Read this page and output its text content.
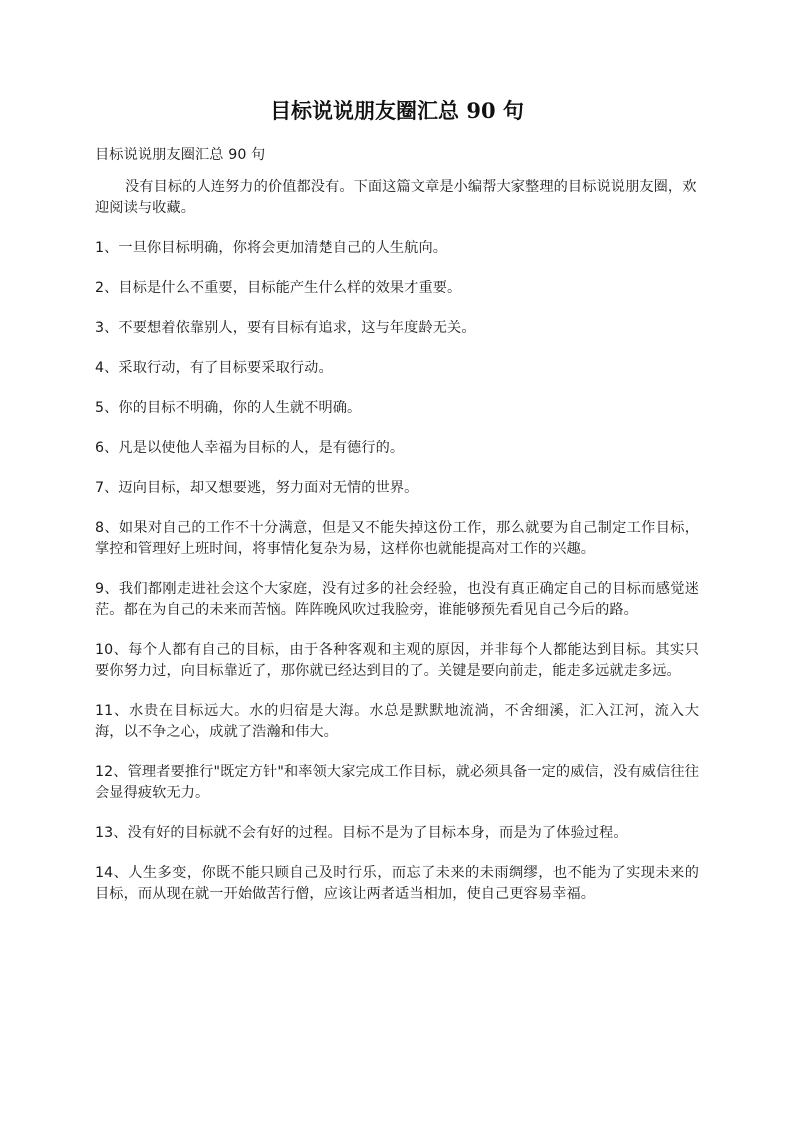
目标说说朋友圈汇总 90 句

目标说说朋友圈汇总 90 句

没有目标的人连努力的价值都没有。下面这篇文章是小编帮大家整理的目标说说朋友圈，欢迎阅读与收藏。

1、一旦你目标明确，你将会更加清楚自己的人生航向。

2、目标是什么不重要，目标能产生什么样的效果才重要。

3、不要想着依靠别人，要有目标有追求，这与年度龄无关。

4、采取行动，有了目标要采取行动。

5、你的目标不明确，你的人生就不明确。

6、凡是以使他人幸福为目标的人，是有德行的。

7、迈向目标，却又想要逃，努力面对无情的世界。

8、如果对自己的工作不十分满意，但是又不能失掉这份工作，那么就要为自己制定工作目标，掌控和管理好上班时间，将事情化复杂为易，这样你也就能提高对工作的兴趣。

9、我们都刚走进社会这个大家庭，没有过多的社会经验，也没有真正确定自己的目标而感觉迷茫。都在为自己的未来而苦恼。阵阵晚风吹过我脸旁，谁能够预先看见自己今后的路。

10、每个人都有自己的目标，由于各种客观和主观的原因，并非每个人都能达到目标。其实只要你努力过，向目标靠近了，那你就已经达到目的了。关键是要向前走，能走多远就走多远。

11、水贵在目标远大。水的归宿是大海。水总是默默地流淌，不舍细溪，汇入江河，流入大海，以不争之心，成就了浩瀚和伟大。

12、管理者要推行"既定方针"和率领大家完成工作目标，就必须具备一定的威信，没有威信往往会显得疲软无力。

13、没有好的目标就不会有好的过程。目标不是为了目标本身，而是为了体验过程。

14、人生多变，你既不能只顾自己及时行乐，而忘了未来的未雨绸缪，也不能为了实现未来的目标，而从现在就一开始做苦行僧，应该让两者适当相加，使自己更容易幸福。
